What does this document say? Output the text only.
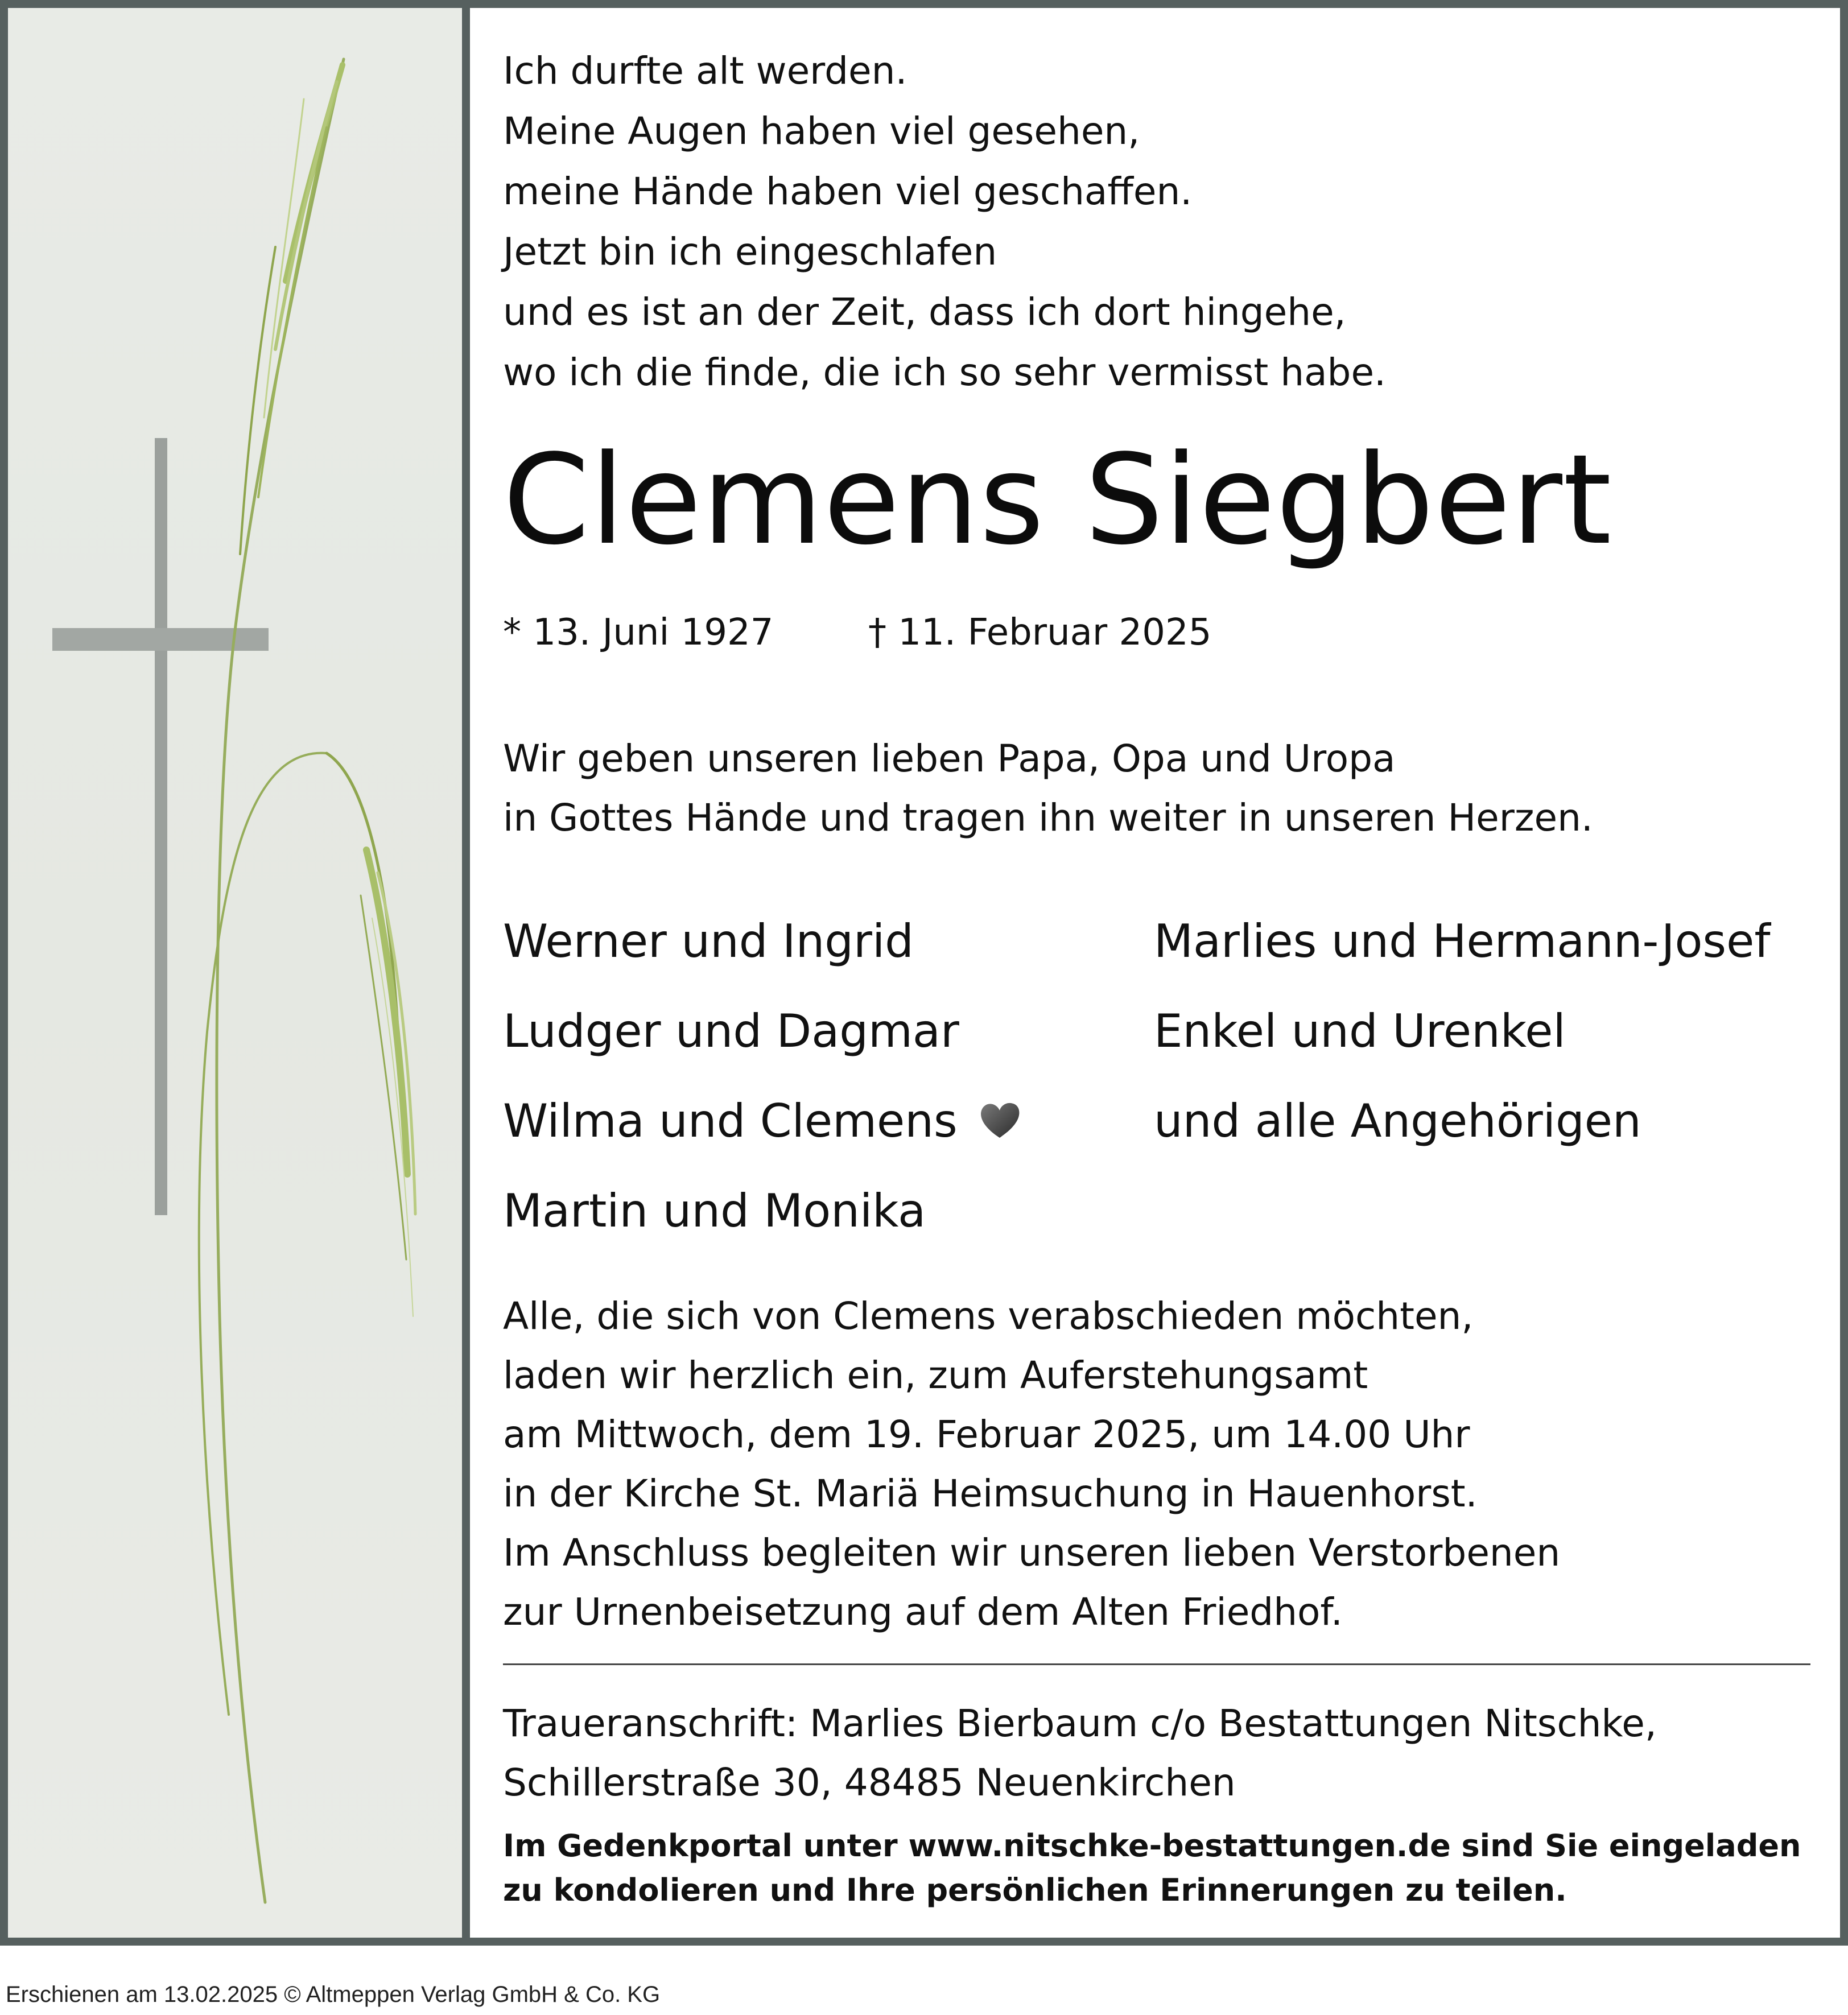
Ich durfte alt werden.
Meine Augen haben viel gesehen,
meine Hände haben viel geschaffen.
Jetzt bin ich eingeschlafen
und es ist an der Zeit, dass ich dort hingehe,
wo ich die finde, die ich so sehr vermisst habe.
Clemens Siegbert
* 13. Juni 1927	† 11. Februar 2025
Wir geben unseren lieben Papa, Opa und Uropa
in Gottes Hände und tragen ihn weiter in unseren Herzen.
Werner und Ingrid
Ludger und Dagmar
Wilma und Clemens
Martin und Monika
Marlies und Hermann-Josef
Enkel und Urenkel
und alle Angehörigen
Alle, die sich von Clemens verabschieden möchten,
laden wir herzlich ein, zum Auferstehungsamt
am Mittwoch, dem 19. Februar 2025, um 14.00 Uhr
in der Kirche St. Mariä Heimsuchung in Hauenhorst.
Im Anschluss begleiten wir unseren lieben Verstorbenen
zur Urnenbeisetzung auf dem Alten Friedhof.
Traueranschrift: Marlies Bierbaum c/o Bestattungen Nitschke,
Schillerstraße 30, 48485 Neuenkirchen
Im Gedenkportal unter www.nitschke-bestattungen.de sind Sie eingeladen
zu kondolieren und Ihre persönlichen Erinnerungen zu teilen.
Erschienen am 13.02.2025 © Altmeppen Verlag GmbH & Co. KG
